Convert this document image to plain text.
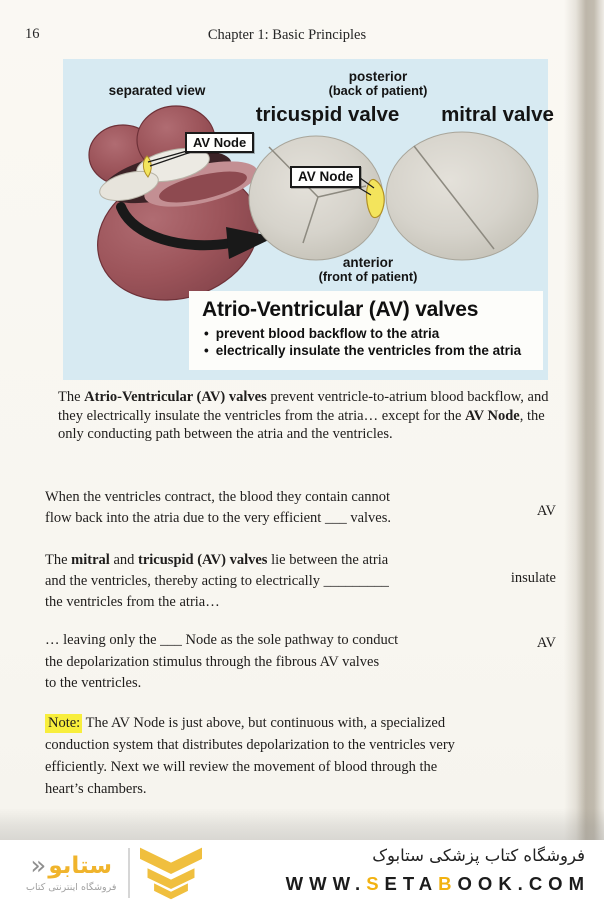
16	Chapter 1: Basic Principles
separated view
posterior
(back of patient)
tricuspid valve	mitral valve
AV Node
AV Node
anterior
(front of patient)
Atrio-Ventricular (AV) valves
• prevent blood backflow to the atria
• electrically insulate the ventricles from the atria
The Atrio-Ventricular (AV) valves prevent ventricle-to-atrium blood backflow, and
they electrically insulate the ventricles from the atria… except for the AV Node, the
only conducting path between the atria and the ventricles.
When the ventricles contract, the blood they contain cannot
flow back into the atria due to the very efficient ___ valves.	AV
The mitral and tricuspid (AV) valves lie between the atria
and the ventricles, thereby acting to electrically _________
the ventricles from the atria…
insulate
… leaving only the ___ Node as the sole pathway to conduct
the depolarization stimulus through the fibrous AV valves
to the ventricles.
AV
Note: The AV Node is just above, but continuous with, a specialized
conduction system that distributes depolarization to the ventricles very
efficiently. Next we will review the movement of blood through the
heart’s chambers.
فروشگاه کتاب پزشکی ستابوک
WWW.SETABOOK.COM
ستابو
«
فروشگاه اینترنتی کتاب
